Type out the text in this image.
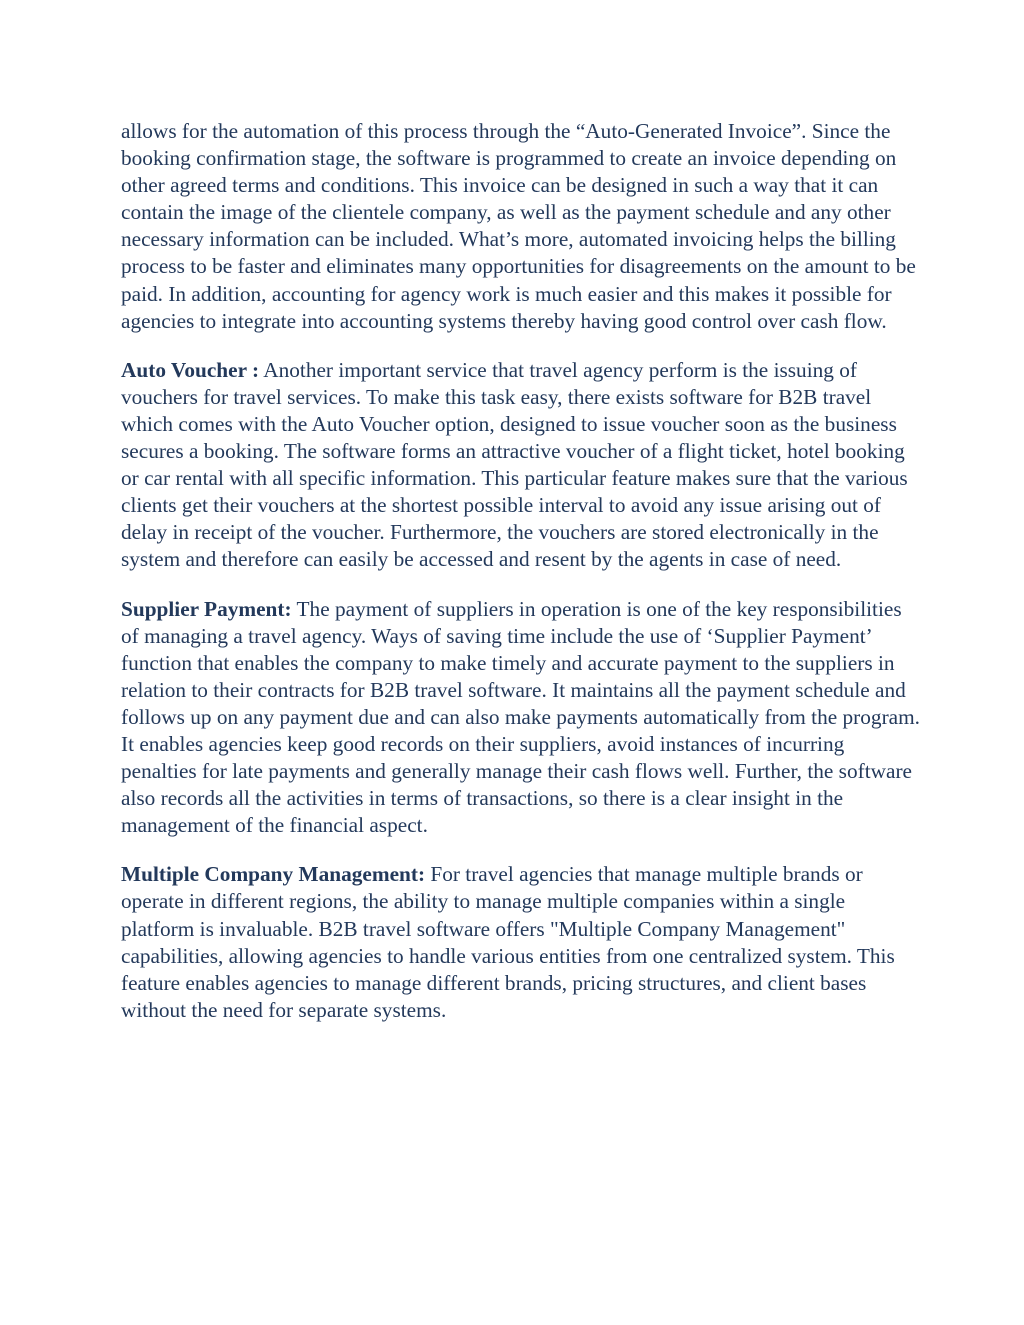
allows for the automation of this process through the “Auto-Generated Invoice”. Since the booking confirmation stage, the software is programmed to create an invoice depending on other agreed terms and conditions. This invoice can be designed in such a way that it can contain the image of the clientele company, as well as the payment schedule and any other necessary information can be included. What’s more, automated invoicing helps the billing process to be faster and eliminates many opportunities for disagreements on the amount to be paid. In addition, accounting for agency work is much easier and this makes it possible for agencies to integrate into accounting systems thereby having good control over cash flow.

Auto Voucher : Another important service that travel agency perform is the issuing of vouchers for travel services. To make this task easy, there exists software for B2B travel which comes with the Auto Voucher option, designed to issue voucher soon as the business secures a booking. The software forms an attractive voucher of a flight ticket, hotel booking or car rental with all specific information. This particular feature makes sure that the various clients get their vouchers at the shortest possible interval to avoid any issue arising out of delay in receipt of the voucher. Furthermore, the vouchers are stored electronically in the system and therefore can easily be accessed and resent by the agents in case of need.

Supplier Payment: The payment of suppliers in operation is one of the key responsibilities of managing a travel agency. Ways of saving time include the use of ‘Supplier Payment’ function that enables the company to make timely and accurate payment to the suppliers in relation to their contracts for B2B travel software. It maintains all the payment schedule and follows up on any payment due and can also make payments automatically from the program. It enables agencies keep good records on their suppliers, avoid instances of incurring penalties for late payments and generally manage their cash flows well. Further, the software also records all the activities in terms of transactions, so there is a clear insight in the management of the financial aspect.

Multiple Company Management: For travel agencies that manage multiple brands or operate in different regions, the ability to manage multiple companies within a single platform is invaluable. B2B travel software offers "Multiple Company Management" capabilities, allowing agencies to handle various entities from one centralized system. This feature enables agencies to manage different brands, pricing structures, and client bases without the need for separate systems.
